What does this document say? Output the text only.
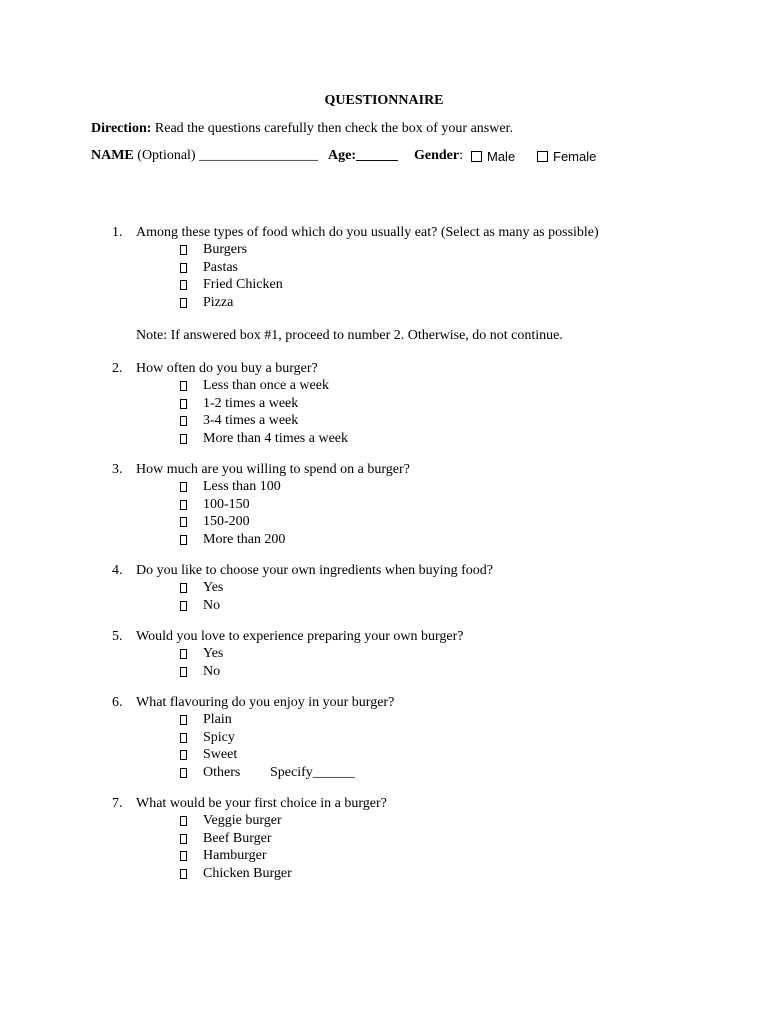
QUESTIONNAIRE
Direction: Read the questions carefully then check the box of your answer.
NAME (Optional) _________________ Age:______ Gender:	Male	Female
1. Among these types of food which do you usually eat? (Select as many as possible)
Burgers
Pastas
Fried Chicken
Pizza
Note: If answered box #1, proceed to number 2. Otherwise, do not continue.
2. How often do you buy a burger?
Less than once a week
1-2 times a week
3-4 times a week
More than 4 times a week
3. How much are you willing to spend on a burger?
Less than 100
100-150
150-200
More than 200
4. Do you like to choose your own ingredients when buying food?
Yes
No
5. Would you love to experience preparing your own burger?
Yes
No
6. What flavouring do you enjoy in your burger?
Plain
Spicy
Sweet
Others Specify______
7. What would be your first choice in a burger?
Veggie burger
Beef Burger
Hamburger
Chicken Burger
